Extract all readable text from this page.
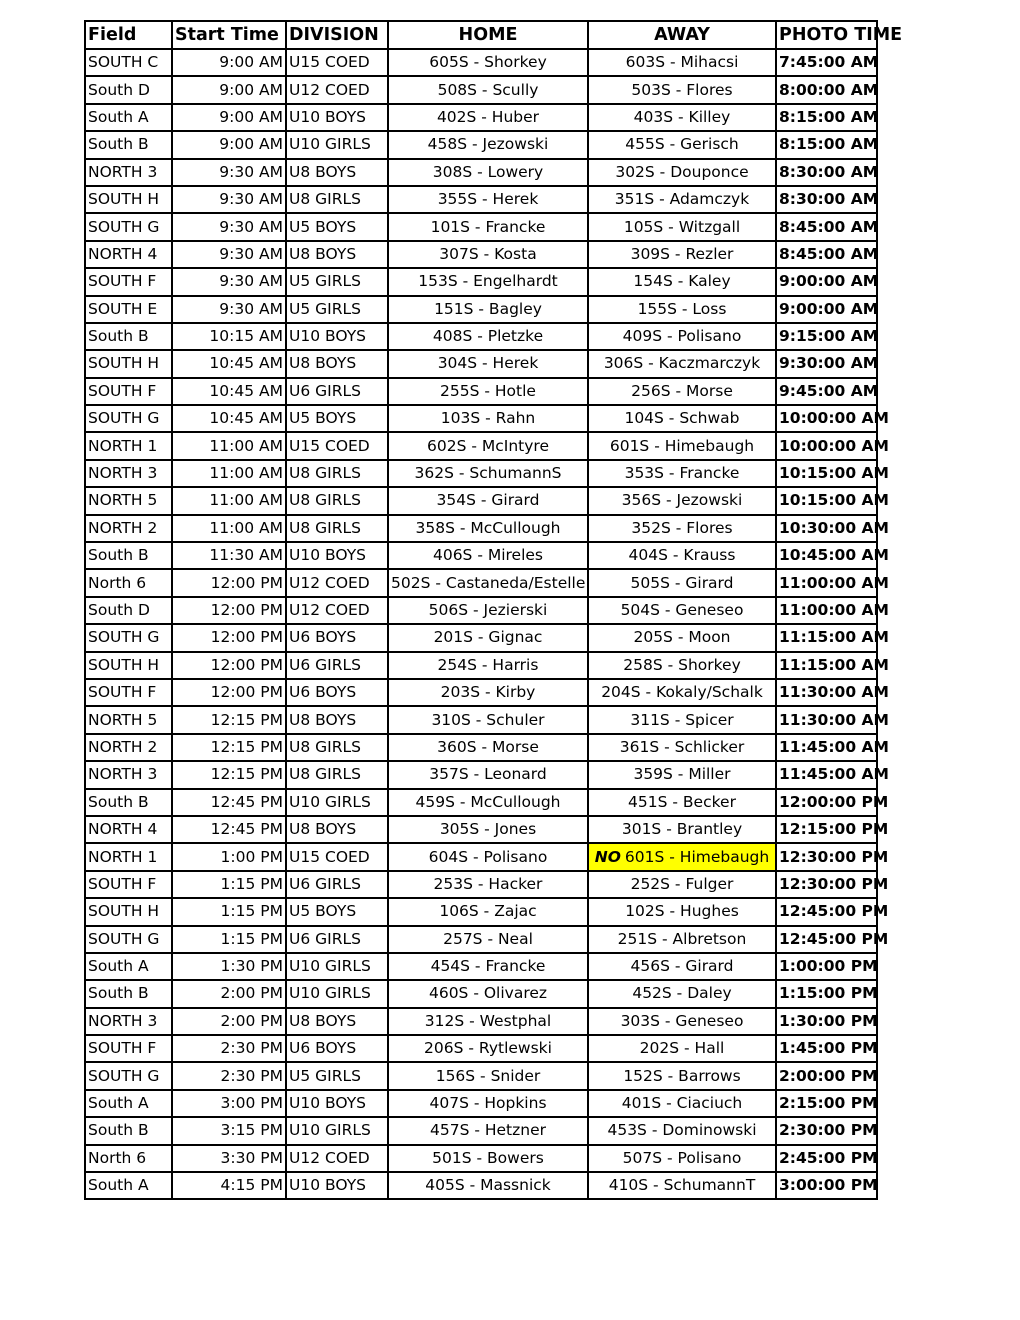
Field	Start Time	DIVISION	HOME	AWAY	PHOTO TIME
SOUTH C	9:00 AM	U15 COED	605S - Shorkey	603S - Mihacsi	7:45:00 AM
South D	9:00 AM	U12 COED	508S - Scully	503S - Flores	8:00:00 AM
South A	9:00 AM	U10 BOYS	402S - Huber	403S - Killey	8:15:00 AM
South B	9:00 AM	U10 GIRLS	458S - Jezowski	455S - Gerisch	8:15:00 AM
NORTH 3	9:30 AM	U8 BOYS	308S - Lowery	302S - Douponce	8:30:00 AM
SOUTH H	9:30 AM	U8 GIRLS	355S - Herek	351S - Adamczyk	8:30:00 AM
SOUTH G	9:30 AM	U5 BOYS	101S - Francke	105S - Witzgall	8:45:00 AM
NORTH 4	9:30 AM	U8 BOYS	307S - Kosta	309S - Rezler	8:45:00 AM
SOUTH F	9:30 AM	U5 GIRLS	153S - Engelhardt	154S - Kaley	9:00:00 AM
SOUTH E	9:30 AM	U5 GIRLS	151S - Bagley	155S - Loss	9:00:00 AM
South B	10:15 AM	U10 BOYS	408S - Pletzke	409S - Polisano	9:15:00 AM
SOUTH H	10:45 AM	U8 BOYS	304S - Herek	306S - Kaczmarczyk	9:30:00 AM
SOUTH F	10:45 AM	U6 GIRLS	255S - Hotle	256S - Morse	9:45:00 AM
SOUTH G	10:45 AM	U5 BOYS	103S - Rahn	104S - Schwab	10:00:00 AM
NORTH 1	11:00 AM	U15 COED	602S - McIntyre	601S - Himebaugh	10:00:00 AM
NORTH 3	11:00 AM	U8 GIRLS	362S - SchumannS	353S - Francke	10:15:00 AM
NORTH 5	11:00 AM	U8 GIRLS	354S - Girard	356S - Jezowski	10:15:00 AM
NORTH 2	11:00 AM	U8 GIRLS	358S - McCullough	352S - Flores	10:30:00 AM
South B	11:30 AM	U10 BOYS	406S - Mireles	404S - Krauss	10:45:00 AM
North 6	12:00 PM	U12 COED	502S - Castaneda/Estelle	505S - Girard	11:00:00 AM
South D	12:00 PM	U12 COED	506S - Jezierski	504S - Geneseo	11:00:00 AM
SOUTH G	12:00 PM	U6 BOYS	201S - Gignac	205S - Moon	11:15:00 AM
SOUTH H	12:00 PM	U6 GIRLS	254S - Harris	258S - Shorkey	11:15:00 AM
SOUTH F	12:00 PM	U6 BOYS	203S - Kirby	204S - Kokaly/Schalk	11:30:00 AM
NORTH 5	12:15 PM	U8 BOYS	310S - Schuler	311S - Spicer	11:30:00 AM
NORTH 2	12:15 PM	U8 GIRLS	360S - Morse	361S - Schlicker	11:45:00 AM
NORTH 3	12:15 PM	U8 GIRLS	357S - Leonard	359S - Miller	11:45:00 AM
South B	12:45 PM	U10 GIRLS	459S - McCullough	451S - Becker	12:00:00 PM
NORTH 4	12:45 PM	U8 BOYS	305S - Jones	301S - Brantley	12:15:00 PM
NORTH 1	1:00 PM	U15 COED	604S - Polisano	NO 601S - Himebaugh	12:30:00 PM
SOUTH F	1:15 PM	U6 GIRLS	253S - Hacker	252S - Fulger	12:30:00 PM
SOUTH H	1:15 PM	U5 BOYS	106S - Zajac	102S - Hughes	12:45:00 PM
SOUTH G	1:15 PM	U6 GIRLS	257S - Neal	251S - Albretson	12:45:00 PM
South A	1:30 PM	U10 GIRLS	454S - Francke	456S - Girard	1:00:00 PM
South B	2:00 PM	U10 GIRLS	460S - Olivarez	452S - Daley	1:15:00 PM
NORTH 3	2:00 PM	U8 BOYS	312S - Westphal	303S - Geneseo	1:30:00 PM
SOUTH F	2:30 PM	U6 BOYS	206S - Rytlewski	202S - Hall	1:45:00 PM
SOUTH G	2:30 PM	U5 GIRLS	156S - Snider	152S - Barrows	2:00:00 PM
South A	3:00 PM	U10 BOYS	407S - Hopkins	401S - Ciaciuch	2:15:00 PM
South B	3:15 PM	U10 GIRLS	457S - Hetzner	453S - Dominowski	2:30:00 PM
North 6	3:30 PM	U12 COED	501S - Bowers	507S - Polisano	2:45:00 PM
South A	4:15 PM	U10 BOYS	405S - Massnick	410S - SchumannT	3:00:00 PM
